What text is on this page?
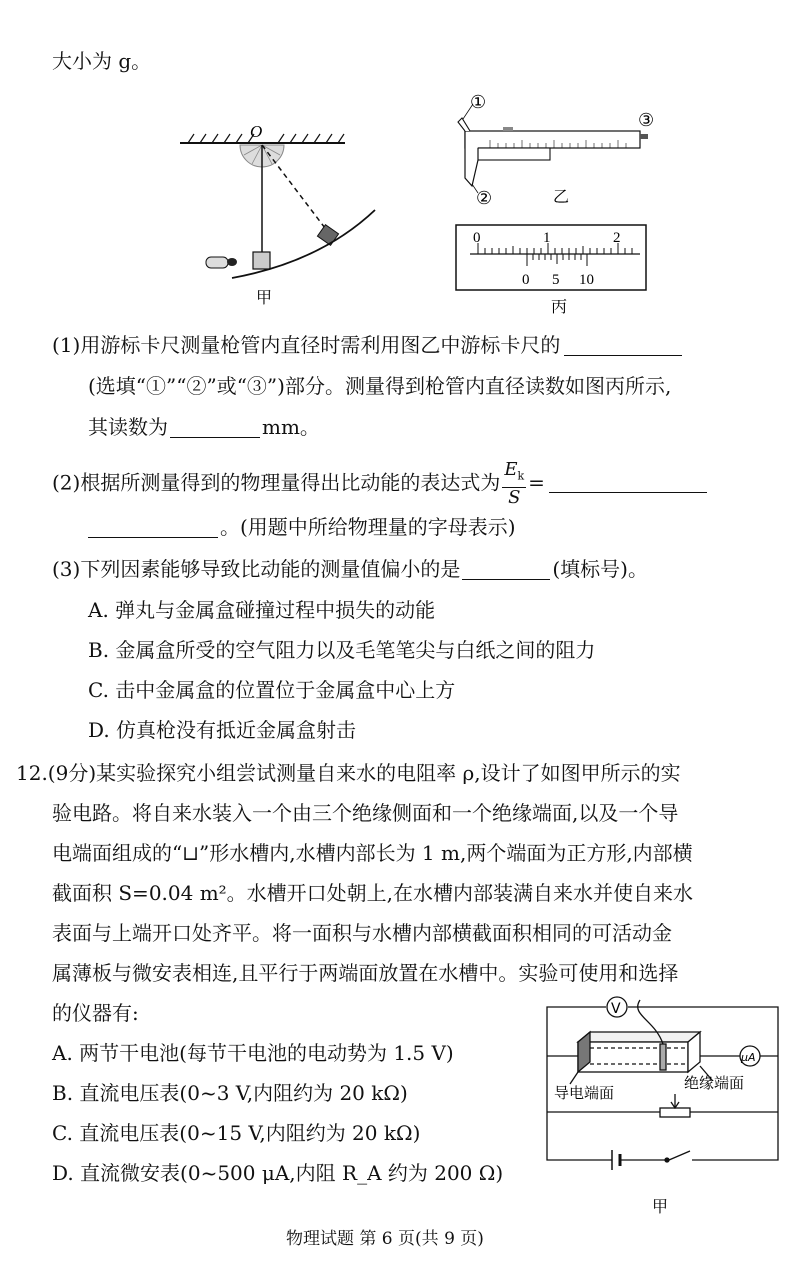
大小为 g。
O
甲
①
②
③
乙
0	1	2
0 5 10
丙
V
μA
导电端面
绝缘端面
甲
(1)用游标卡尺测量枪管内直径时需利用图乙中游标卡尺的
(选填“①”“②”或“③”)部分。测量得到枪管内直径读数如图丙所示,
其读数为	mm。
(2)根据所测量得到的物理量得出比动能的表达式为 $\frac{E_k}{S}$ =
。(用题中所给物理量的字母表示)
(3)下列因素能够导致比动能的测量值偏小的是	(填标号)。
A. 弹丸与金属盒碰撞过程中损失的动能
B. 金属盒所受的空气阻力以及毛笔笔尖与白纸之间的阻力
C. 击中金属盒的位置位于金属盒中心上方
D. 仿真枪没有抵近金属盒射击
12.(9分)某实验探究小组尝试测量自来水的电阻率 ρ,设计了如图甲所示的实
验电路。将自来水装入一个由三个绝缘侧面和一个绝缘端面,以及一个导
电端面组成的“⊔”形水槽内,水槽内部长为 1 m,两个端面为正方形,内部横
截面积 S=0.04 m²。水槽开口处朝上,在水槽内部装满自来水并使自来水
表面与上端开口处齐平。将一面积与水槽内部横截面积相同的可活动金
属薄板与微安表相连,且平行于两端面放置在水槽中。实验可使用和选择
的仪器有:
A. 两节干电池(每节干电池的电动势为 1.5 V)
B. 直流电压表(0~3 V,内阻约为 20 kΩ)
C. 直流电压表(0~15 V,内阻约为 20 kΩ)
D. 直流微安表(0~500 μA,内阻 R_A 约为 200 Ω)
物理试题 第 6 页(共 9 页)
